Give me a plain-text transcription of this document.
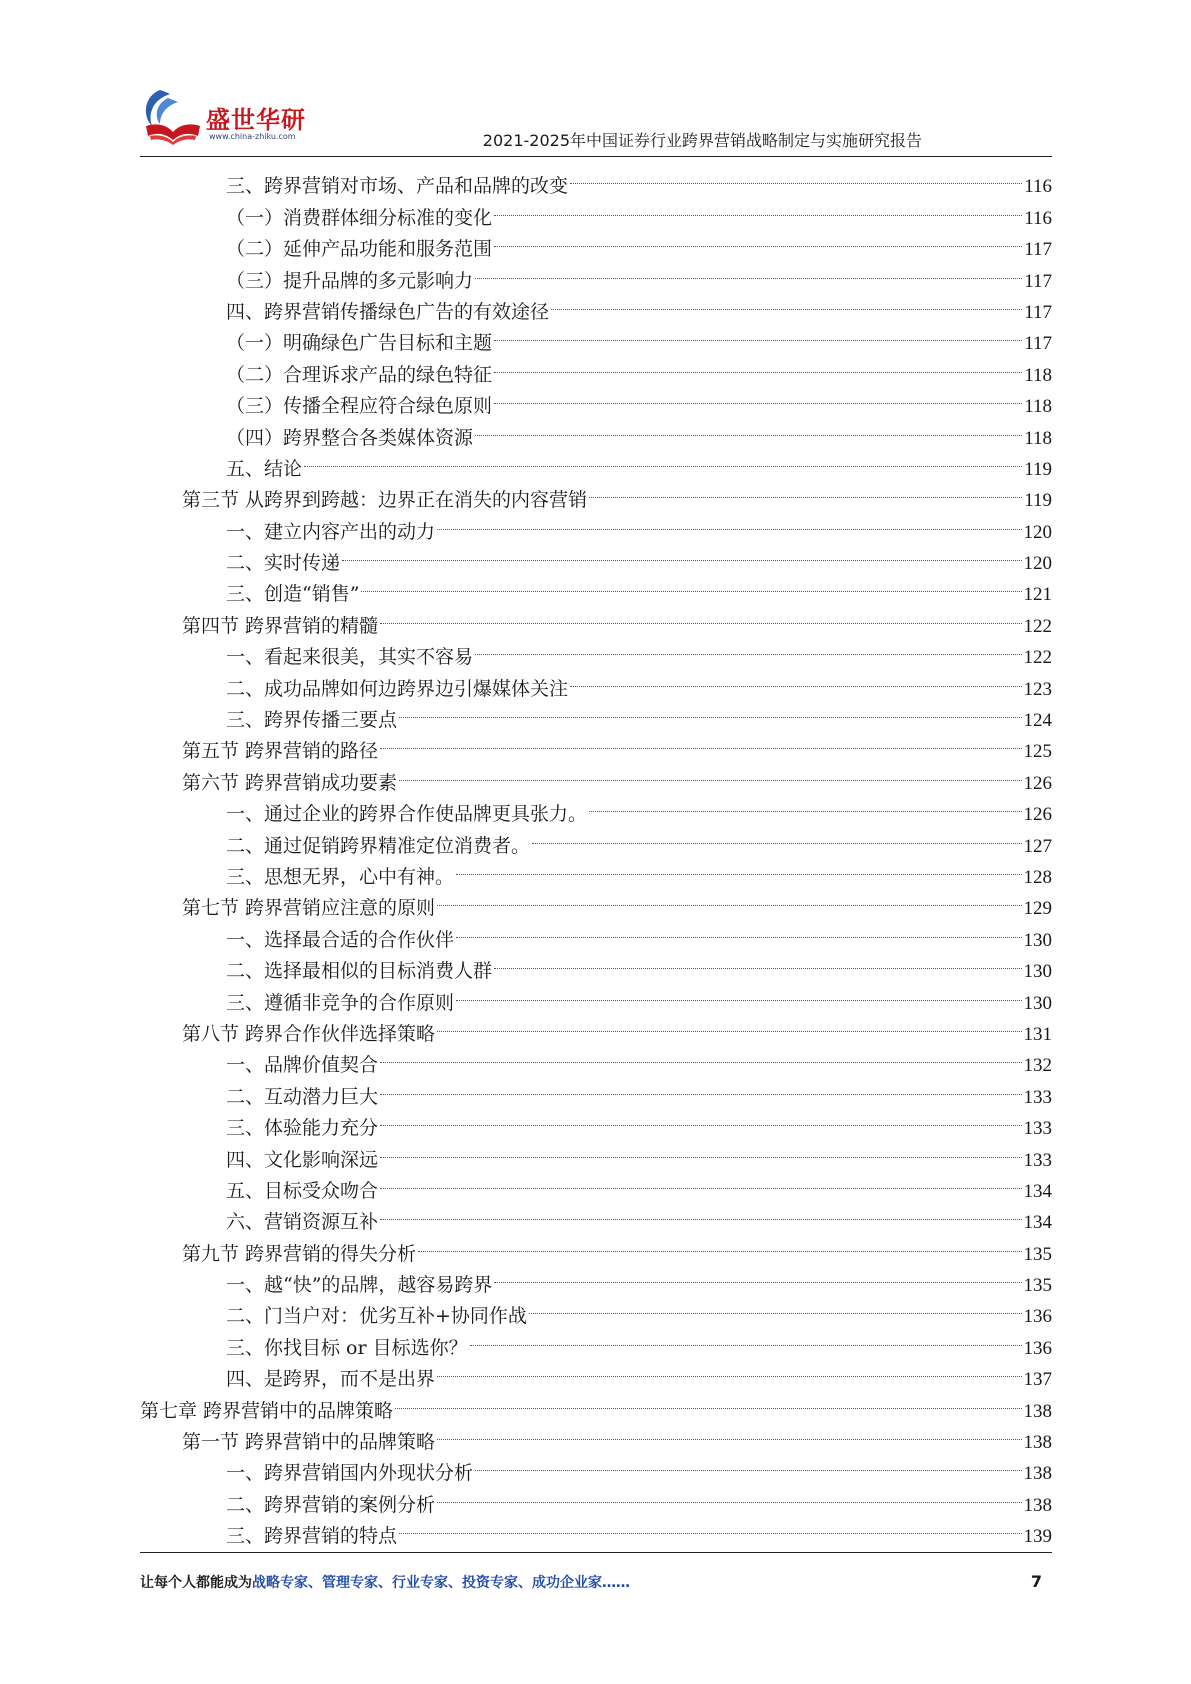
盛世华研
www.china-zhiku.com	2021-2025年中国证券行业跨界营销战略制定与实施研究报告
三、跨界营销对市场、产品和品牌的改变	116
（一）消费群体细分标准的变化	116
（二）延伸产品功能和服务范围	117
（三）提升品牌的多元影响力	117
四、跨界营销传播绿色广告的有效途径	117
（一）明确绿色广告目标和主题	117
（二）合理诉求产品的绿色特征	118
（三）传播全程应符合绿色原则	118
（四）跨界整合各类媒体资源	118
五、结论	119
第三节 从跨界到跨越：边界正在消失的内容营销	119
一、建立内容产出的动力	120
二、实时传递	120
三、创造“销售”	121
第四节 跨界营销的精髓	122
一、看起来很美，其实不容易	122
二、成功品牌如何边跨界边引爆媒体关注	123
三、跨界传播三要点	124
第五节 跨界营销的路径	125
第六节 跨界营销成功要素	126
一、通过企业的跨界合作使品牌更具张力。	126
二、通过促销跨界精准定位消费者。	127
三、思想无界，心中有神。	128
第七节 跨界营销应注意的原则	129
一、选择最合适的合作伙伴	130
二、选择最相似的目标消费人群	130
三、遵循非竞争的合作原则	130
第八节 跨界合作伙伴选择策略	131
一、品牌价值契合	132
二、互动潜力巨大	133
三、体验能力充分	133
四、文化影响深远	133
五、目标受众吻合	134
六、营销资源互补	134
第九节 跨界营销的得失分析	135
一、越“快”的品牌，越容易跨界	135
二、门当户对：优劣互补+协同作战	136
三、你找目标 or 目标选你？	136
四、是跨界，而不是出界	137
第七章 跨界营销中的品牌策略	138
第一节 跨界营销中的品牌策略	138
一、跨界营销国内外现状分析	138
二、跨界营销的案例分析	138
三、跨界营销的特点	139
让每个人都能成为战略专家、管理专家、行业专家、投资专家、成功企业家……	7
